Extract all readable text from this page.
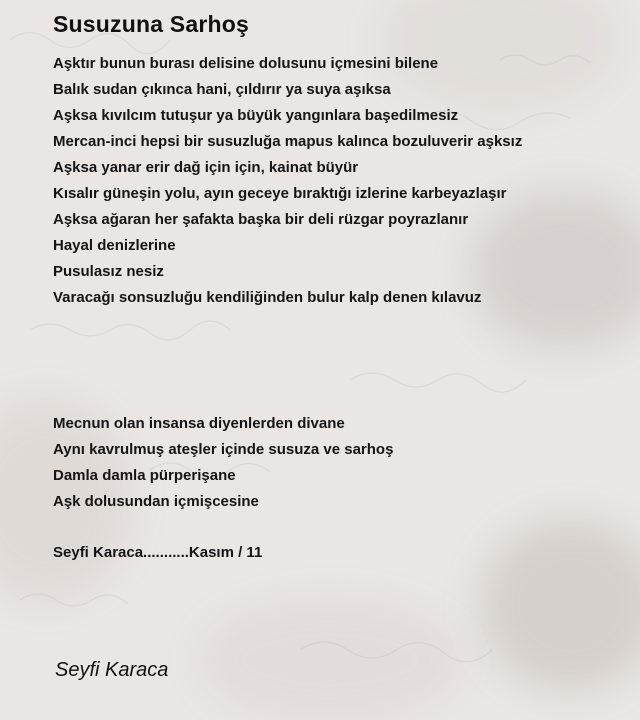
Susuzuna Sarhoş
Aşktır bunun burası delisine dolusunu içmesini bilene
Balık sudan çıkınca hani, çıldırır ya suya aşıksa
Aşksa kıvılcım tutuşur ya büyük yangınlara başedilmesiz
Mercan-inci hepsi bir susuzluğa mapus kalınca bozuluverir aşksız
Aşksa yanar erir dağ için için, kainat büyür
Kısalır güneşin yolu, ayın geceye bıraktığı izlerine karbeyazlaşır
Aşksa ağaran her şafakta başka bir deli rüzgar poyrazlanır
Hayal denizlerine
Pusulasız nesiz
Varacağı sonsuzluğu kendiliğinden bulur kalp denen kılavuz
Mecnun olan insansa diyenlerden divane
Aynı kavrulmuş ateşler içinde susuza ve sarhoş
Damla damla pürperişane
Aşk dolusundan içmişcesine
Seyfi Karaca...........Kasım / 11
Seyfi Karaca
